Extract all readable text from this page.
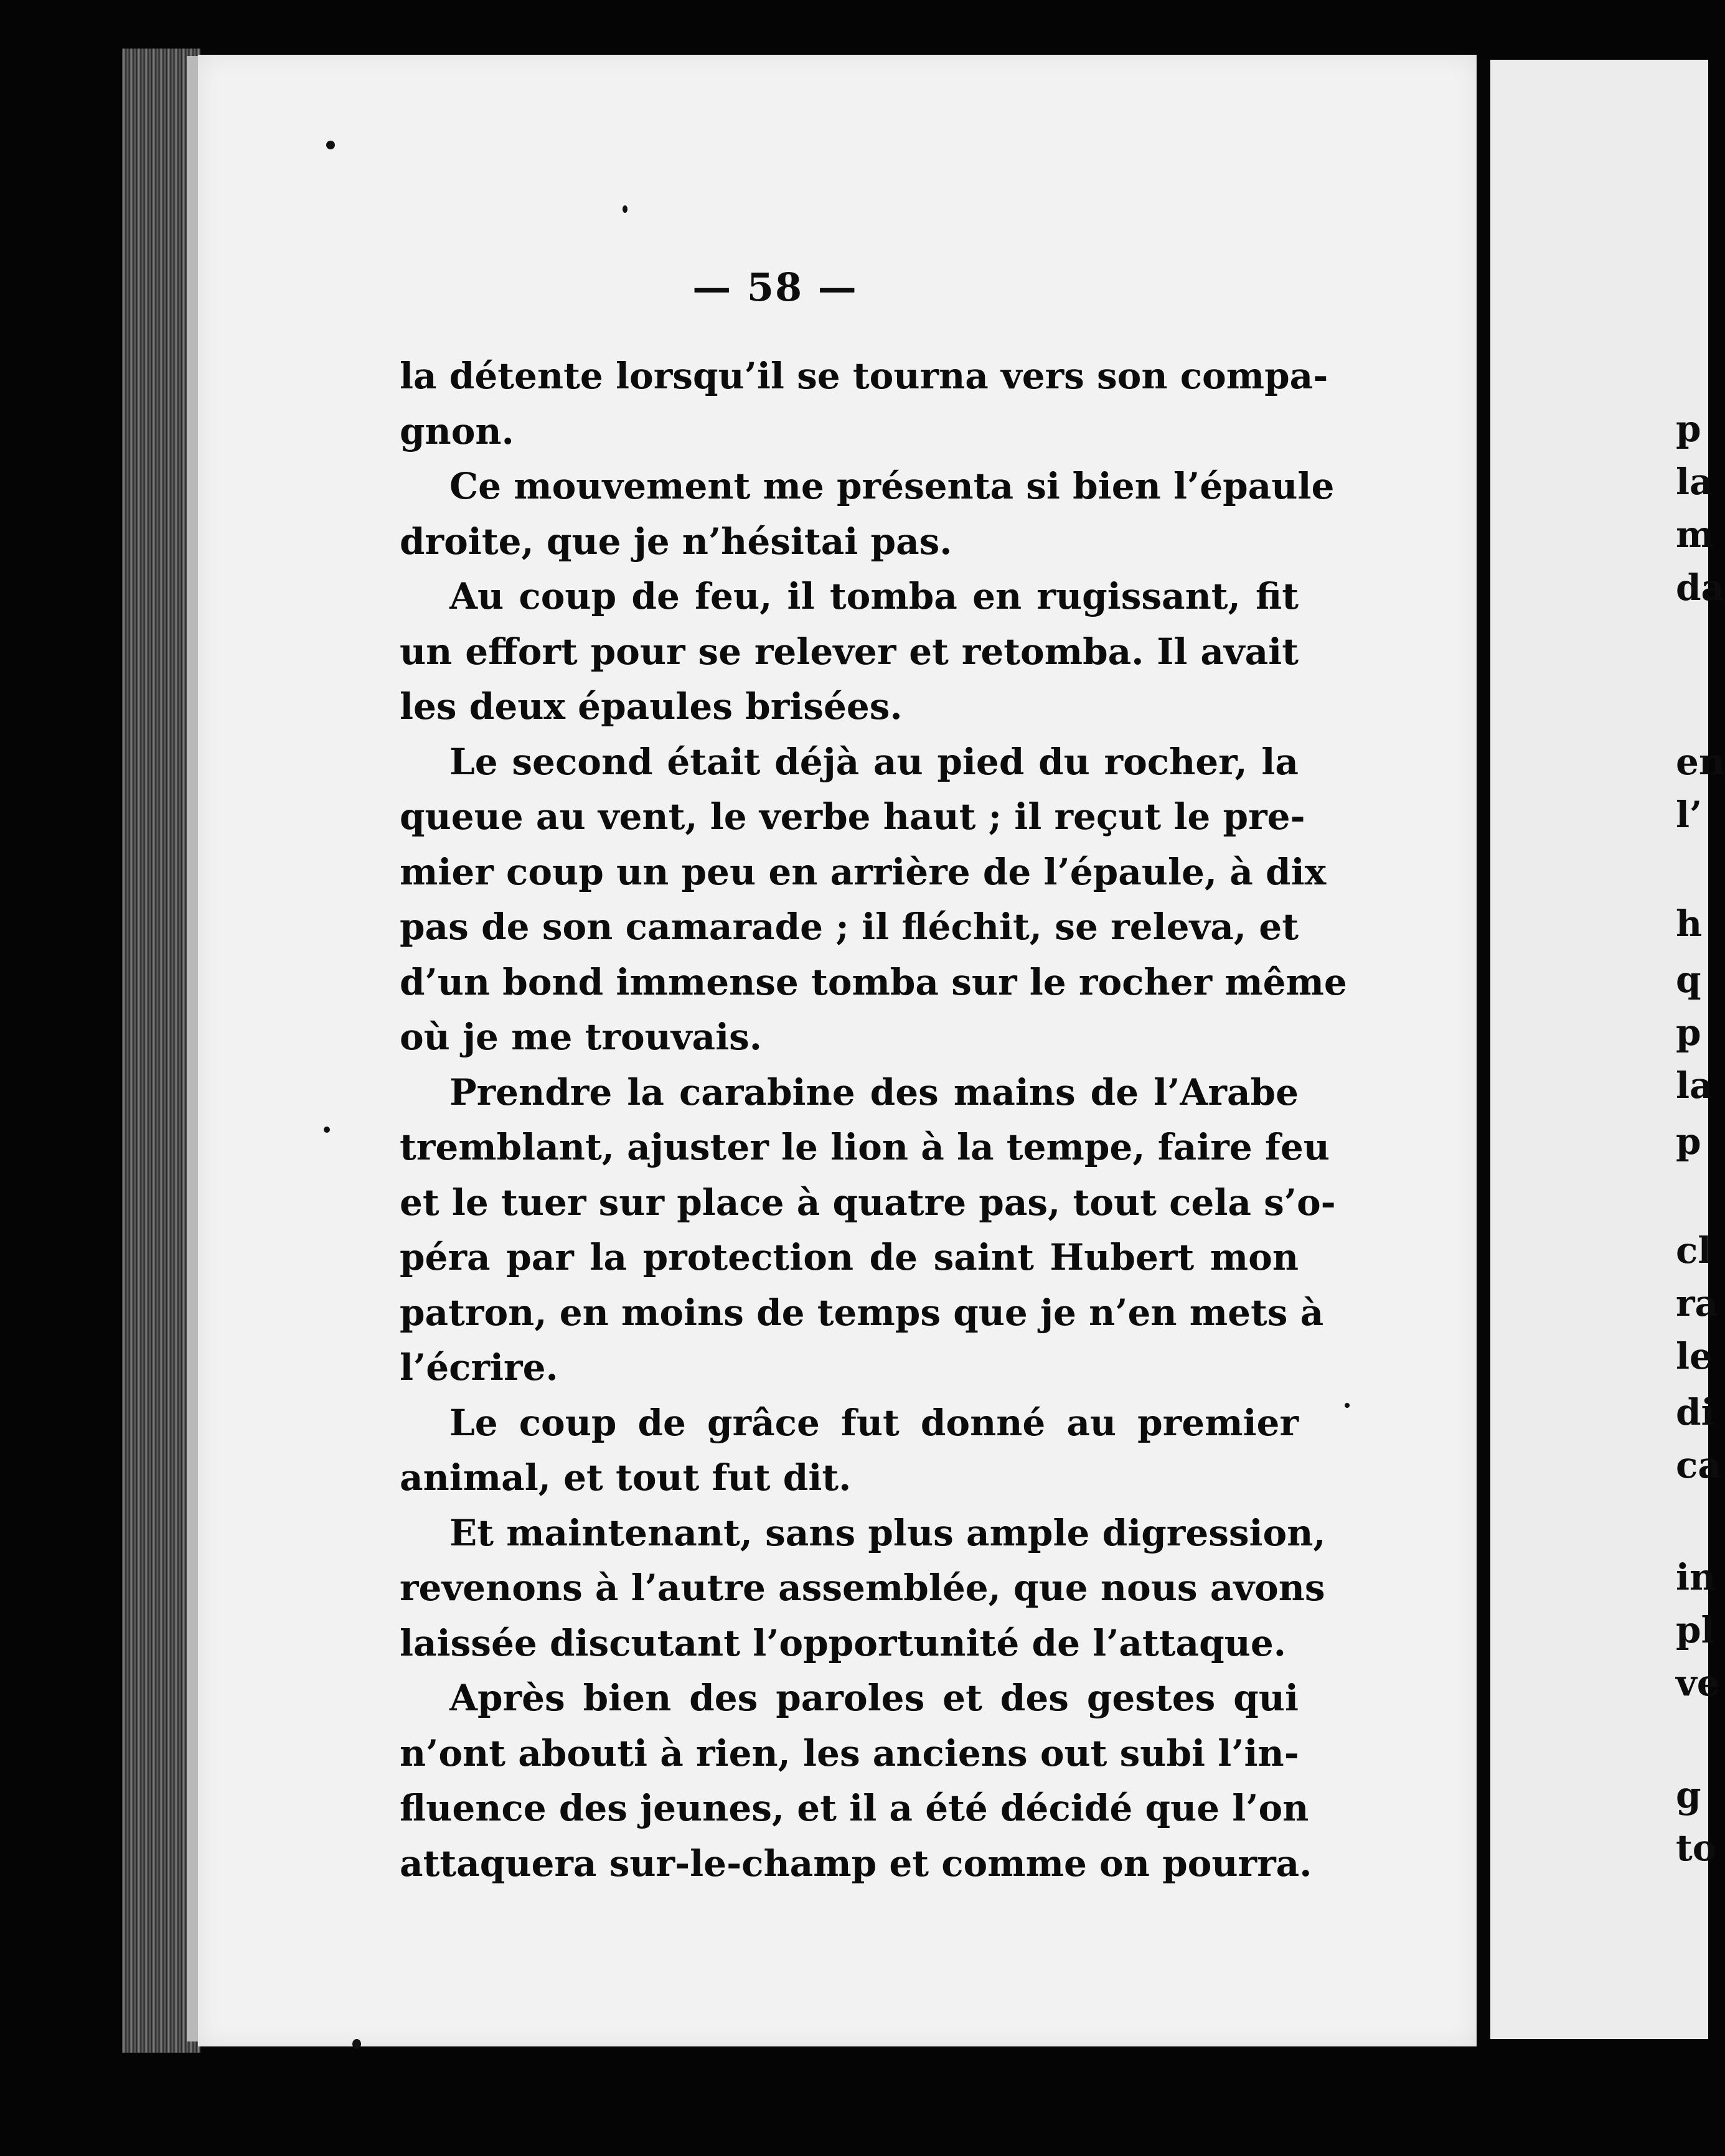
— 58 —
la détente lorsqu’il se tourna vers son compa-
gnon.
Ce mouvement me présenta si bien l’épaule
droite, que je n’hésitai pas.
Au coup de feu, il tomba en rugissant, fit
un effort pour se relever et retomba. Il avait
les deux épaules brisées.
Le second était déjà au pied du rocher, la
queue au vent, le verbe haut ; il reçut le pre-
mier coup un peu en arrière de l’épaule, à dix
pas de son camarade ; il fléchit, se releva, et
d’un bond immense tomba sur le rocher même
où je me trouvais.
Prendre la carabine des mains de l’Arabe
tremblant, ajuster le lion à la tempe, faire feu
et le tuer sur place à quatre pas, tout cela s’o-
péra par la protection de saint Hubert mon
patron, en moins de temps que je n’en mets à
l’écrire.
Le coup de grâce fut donné au premier
animal, et tout fut dit.
Et maintenant, sans plus ample digression,
revenons à l’autre assemblée, que nous avons
laissée discutant l’opportunité de l’attaque.
Après bien des paroles et des gestes qui
n’ont abouti à rien, les anciens out subi l’in-
fluence des jeunes, et il a été décidé que l’on
attaquera sur-le-champ et comme on pourra.
p
la
m
da
en
l’
h
q
p
la
p
cl
ra
le
di
ca
in
pl
ve
g
to
